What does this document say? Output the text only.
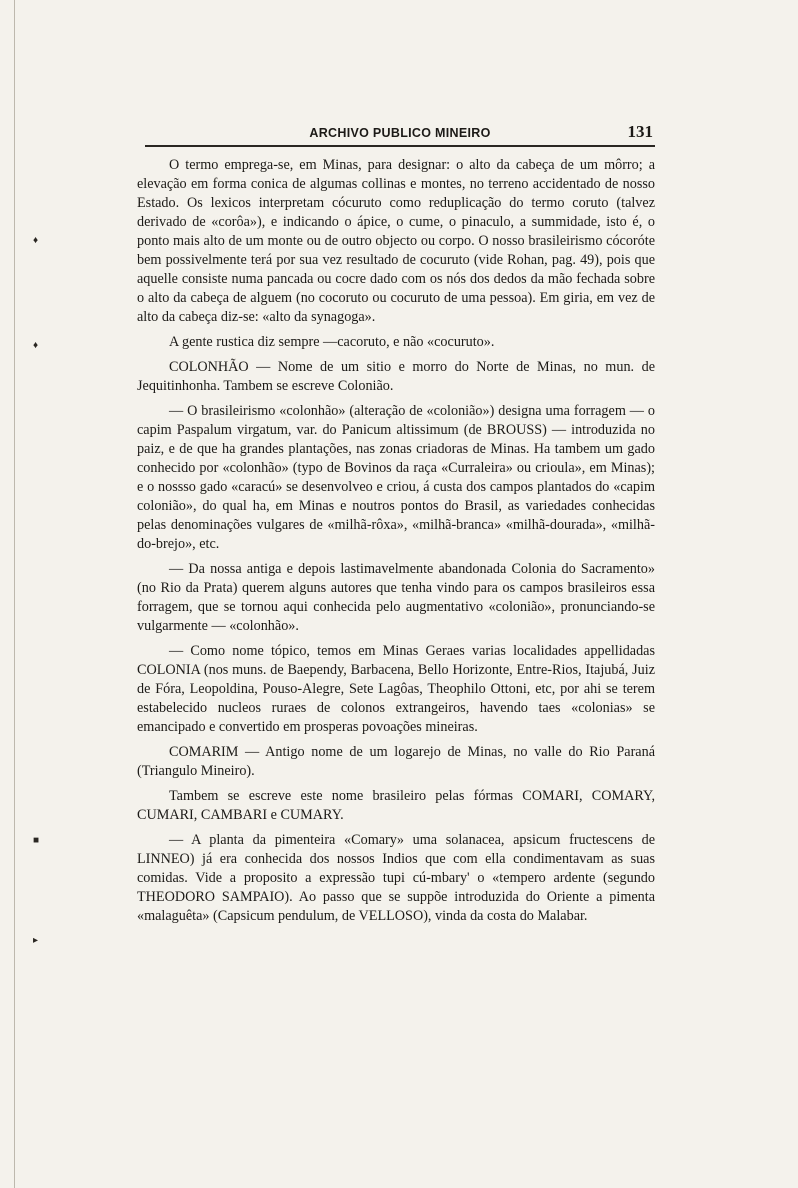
♦
♦
■
▸
ARCHIVO PUBLICO MINEIRO	131

O termo emprega-se, em Minas, para designar: o alto da cabeça de um môrro; a elevação em forma conica de algumas collinas e montes, no terreno accidentado de nosso Estado. Os lexicos interpretam cócuruto como reduplicação do termo coruto (talvez derivado de «corôa»), e indicando o ápice, o cume, o pinaculo, a summidade, isto é, o ponto mais alto de um monte ou de outro objecto ou corpo. O nosso brasileirismo cócoróte bem possivelmente terá por sua vez resultado de cocuruto (vide Rohan, pag. 49), pois que aquelle consiste numa pancada ou cocre dado com os nós dos dedos da mão fechada sobre o alto da cabeça de alguem (no cocoruto ou cocuruto de uma pessoa). Em giria, em vez de alto da cabeça diz-se: «alto da synagoga».

A gente rustica diz sempre —cacoruto, e não «cocuruto».

COLONHÃO — Nome de um sitio e morro do Norte de Minas, no mun. de Jequitinhonha. Tambem se escreve Colonião.

— O brasileirismo «colonhão» (alteração de «colonião») designa uma forragem — o capim Paspalum virgatum, var. do Panicum altissimum (de BROUSS) — introduzida no paiz, e de que ha grandes plantações, nas zonas criadoras de Minas. Ha tambem um gado conhecido por «colonhão» (typo de Bovinos da raça «Curraleira» ou crioula», em Minas); e o nossso gado «caracú» se desenvolveo e criou, á custa dos campos plantados do «capim colonião», do qual ha, em Minas e noutros pontos do Brasil, as variedades conhecidas pelas denominações vulgares de «milhã-rôxa», «milhã-branca» «milhã-dourada», «milhã-do-brejo», etc.

— Da nossa antiga e depois lastimavelmente abandonada Colonia do Sacramento» (no Rio da Prata) querem alguns autores que tenha vindo para os campos brasileiros essa forragem, que se tornou aqui conhecida pelo augmentativo «colonião», pronunciando-se vulgarmente — «colonhão».

— Como nome tópico, temos em Minas Geraes varias localidades appellidadas COLONIA (nos muns. de Baependy, Barbacena, Bello Horizonte, Entre-Rios, Itajubá, Juiz de Fóra, Leopoldina, Pouso-Alegre, Sete Lagôas, Theophilo Ottoni, etc, por ahi se terem estabelecido nucleos ruraes de colonos extrangeiros, havendo taes «colonias» se emancipado e convertido em prosperas povoações mineiras.

COMARIM — Antigo nome de um logarejo de Minas, no valle do Rio Paraná (Triangulo Mineiro).

Tambem se escreve este nome brasileiro pelas fórmas COMARI, COMARY, CUMARI, CAMBARI e CUMARY.

— A planta da pimenteira «Comary» uma solanacea, apsicum fructescens de LINNEO) já era conhecida dos nossos Indios que com ella condimentavam as suas comidas. Vide a proposito a expressão tupi cú-mbary' o «tempero ardente (segundo THEODORO SAMPAIO). Ao passo que se suppõe introduzida do Oriente a pimenta «malaguêta» (Capsicum pendulum, de VELLOSO), vinda da costa do Malabar.
